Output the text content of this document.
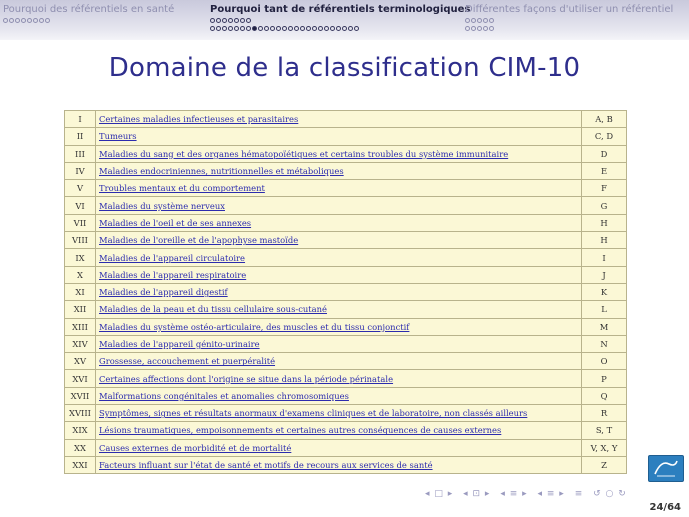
Pourquoi des référentiels en santé	Pourquoi tant de référentiels terminologiques
Différentes façons d'utiliser un référentiel
Domaine de la classification CIM-10
I	Certaines maladies infectieuses et parasitaires	A, B
II	Tumeurs	C, D
III	Maladies du sang et des organes hématopoïétiques et certains troubles du système immunitaire	D
IV	Maladies endocriniennes, nutritionnelles et métaboliques	E
V	Troubles mentaux et du comportement	F
VI	Maladies du système nerveux	G
VII	Maladies de l'oeil et de ses annexes	H
VIII	Maladies de l'oreille et de l'apophyse mastoïde	H
IX	Maladies de l'appareil circulatoire	I
X	Maladies de l'appareil respiratoire	J
XI	Maladies de l'appareil digestif	K
XII	Maladies de la peau et du tissu cellulaire sous-cutané	L
XIII	Maladies du système ostéo-articulaire, des muscles et du tissu conjonctif	M
XIV	Maladies de l'appareil génito-urinaire	N
XV	Grossesse, accouchement et puerpéralité	O
XVI	Certaines affections dont l'origine se situe dans la période périnatale	P
XVII	Malformations congénitales et anomalies chromosomiques	Q
XVIII	Symptômes, signes et résultats anormaux d'examens cliniques et de laboratoire, non classés ailleurs	R
XIX	Lésions traumatiques, empoisonnements et certaines autres conséquences de causes externes	S, T
XX	Causes externes de morbidité et de mortalité	V, X, Y
XXI	Facteurs influant sur l'état de santé et motifs de recours aux services de santé	Z
◂ □ ▸ ◂ ⊡ ▸ ◂ ≡ ▸ ◂ ≡ ▸ ≡ ↺ ○ ↻
24/64
